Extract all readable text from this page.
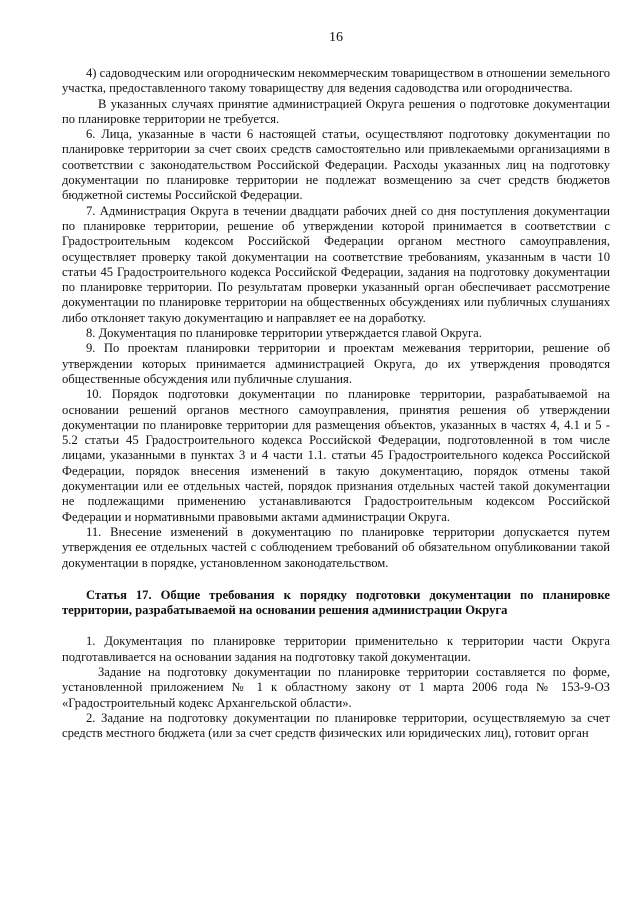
16

4) садоводческим или огородническим некоммерческим товариществом в отношении земельного участка, предоставленного такому товариществу для ведения садоводства или огородничества.

В указанных случаях принятие администрацией Округа решения о подготовке документации по планировке территории не требуется.

6. Лица, указанные в части 6 настоящей статьи, осуществляют подготовку документации по планировке территории за счет своих средств самостоятельно или привлекаемыми организациями в соответствии с законодательством Российской Федерации. Расходы указанных лиц на подготовку документации по планировке территории не подлежат возмещению за счет средств бюджетов бюджетной системы Российской Федерации.

7. Администрация Округа в течении двадцати рабочих дней со дня поступления документации по планировке территории, решение об утверждении которой принимается в соответствии с Градостроительным кодексом Российской Федерации органом местного самоуправления, осуществляет проверку такой документации на соответствие требованиям, указанным в части 10 статьи 45 Градостроительного кодекса Российской Федерации, задания на подготовку документации по планировке территории. По результатам проверки указанный орган обеспечивает рассмотрение документации по планировке территории на общественных обсуждениях или публичных слушаниях либо отклоняет такую документацию и направляет ее на доработку.

8. Документация по планировке территории утверждается главой Округа.

9. По проектам планировки территории и проектам межевания территории, решение об утверждении которых принимается администрацией Округа, до их утверждения проводятся общественные обсуждения или публичные слушания.

10. Порядок подготовки документации по планировке территории, разрабатываемой на основании решений органов местного самоуправления, принятия решения об утверждении документации по планировке территории для размещения объектов, указанных в частях 4, 4.1 и 5 - 5.2 статьи 45 Градостроительного кодекса Российской Федерации, подготовленной в том числе лицами, указанными в пунктах 3 и 4 части 1.1. статьи 45 Градостроительного кодекса Российской Федерации, порядок внесения изменений в такую документацию, порядок отмены такой документации или ее отдельных частей, порядок признания отдельных частей такой документации не подлежащими применению устанавливаются Градостроительным кодексом Российской Федерации и нормативными правовыми актами администрации Округа.

11. Внесение изменений в документацию по планировке территории допускается путем утверждения ее отдельных частей с соблюдением требований об обязательном опубликовании такой документации в порядке, установленном законодательством.

Статья 17. Общие требования к порядку подготовки документации по планировке территории, разрабатываемой на основании решения администрации Округа

1. Документация по планировке территории применительно к территории части Округа подготавливается на основании задания на подготовку такой документации.

Задание на подготовку документации по планировке территории составляется по форме, установленной приложением № 1 к областному закону от 1 марта 2006 года № 153-9-ОЗ «Градостроительный кодекс Архангельской области».

2. Задание на подготовку документации по планировке территории, осуществляемую за счет средств местного бюджета (или за счет средств физических или юридических лиц), готовит орган
